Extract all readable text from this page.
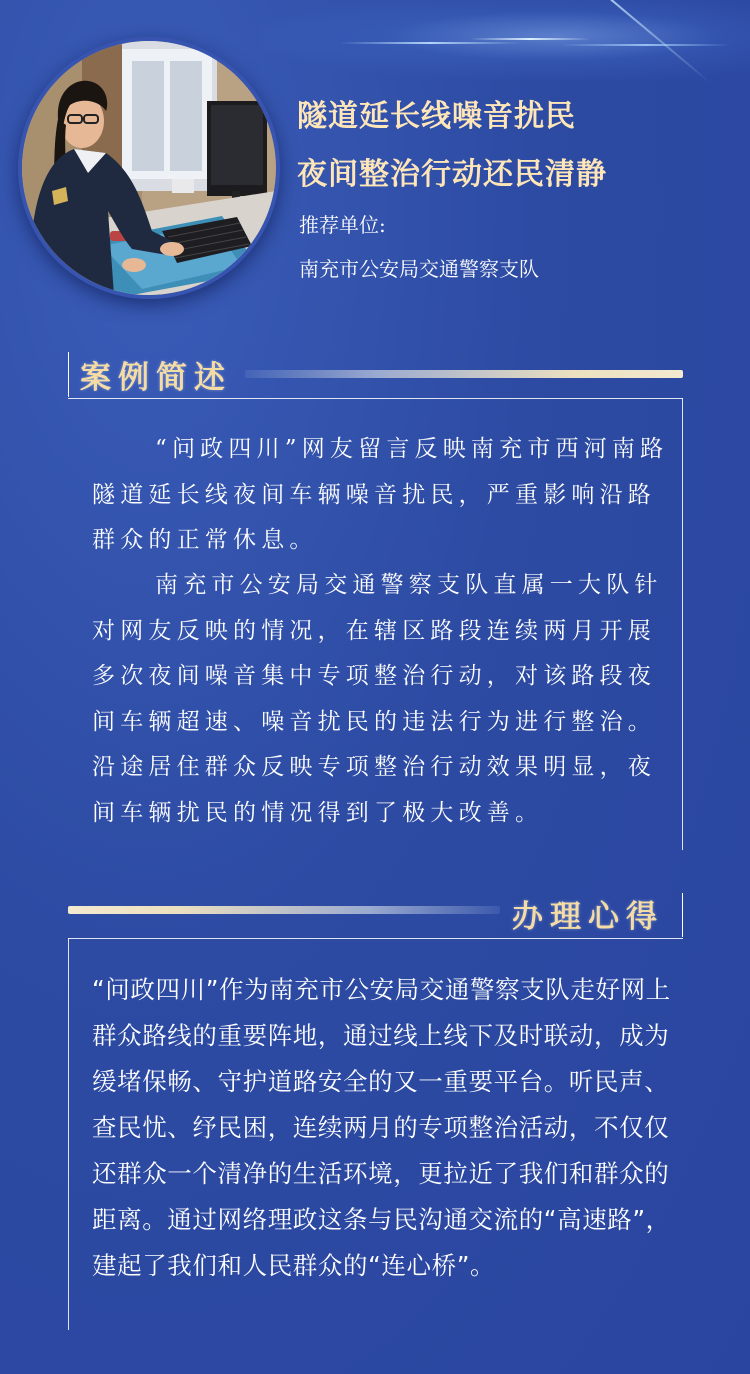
隧道延长线噪音扰民
夜间整治行动还民清静
推荐单位:
南充市公安局交通警察支队
案例简述

“问政四川”网友留言反映南充市西河南路隧道延长线夜间车辆噪音扰民，严重影响沿路群众的正常休息。

南充市公安局交通警察支队直属一大队针对网友反映的情况，在辖区路段连续两月开展多次夜间噪音集中专项整治行动，对该路段夜间车辆超速、噪音扰民的违法行为进行整治。沿途居住群众反映专项整治行动效果明显，夜间车辆扰民的情况得到了极大改善。

办理心得

“问政四川”作为南充市公安局交通警察支队走好网上群众路线的重要阵地，通过线上线下及时联动，成为缓堵保畅、守护道路安全的又一重要平台。听民声、查民忧、纾民困，连续两月的专项整治活动，不仅仅还群众一个清净的生活环境，更拉近了我们和群众的距离。通过网络理政这条与民沟通交流的“高速路”，建起了我们和人民群众的“连心桥”。
